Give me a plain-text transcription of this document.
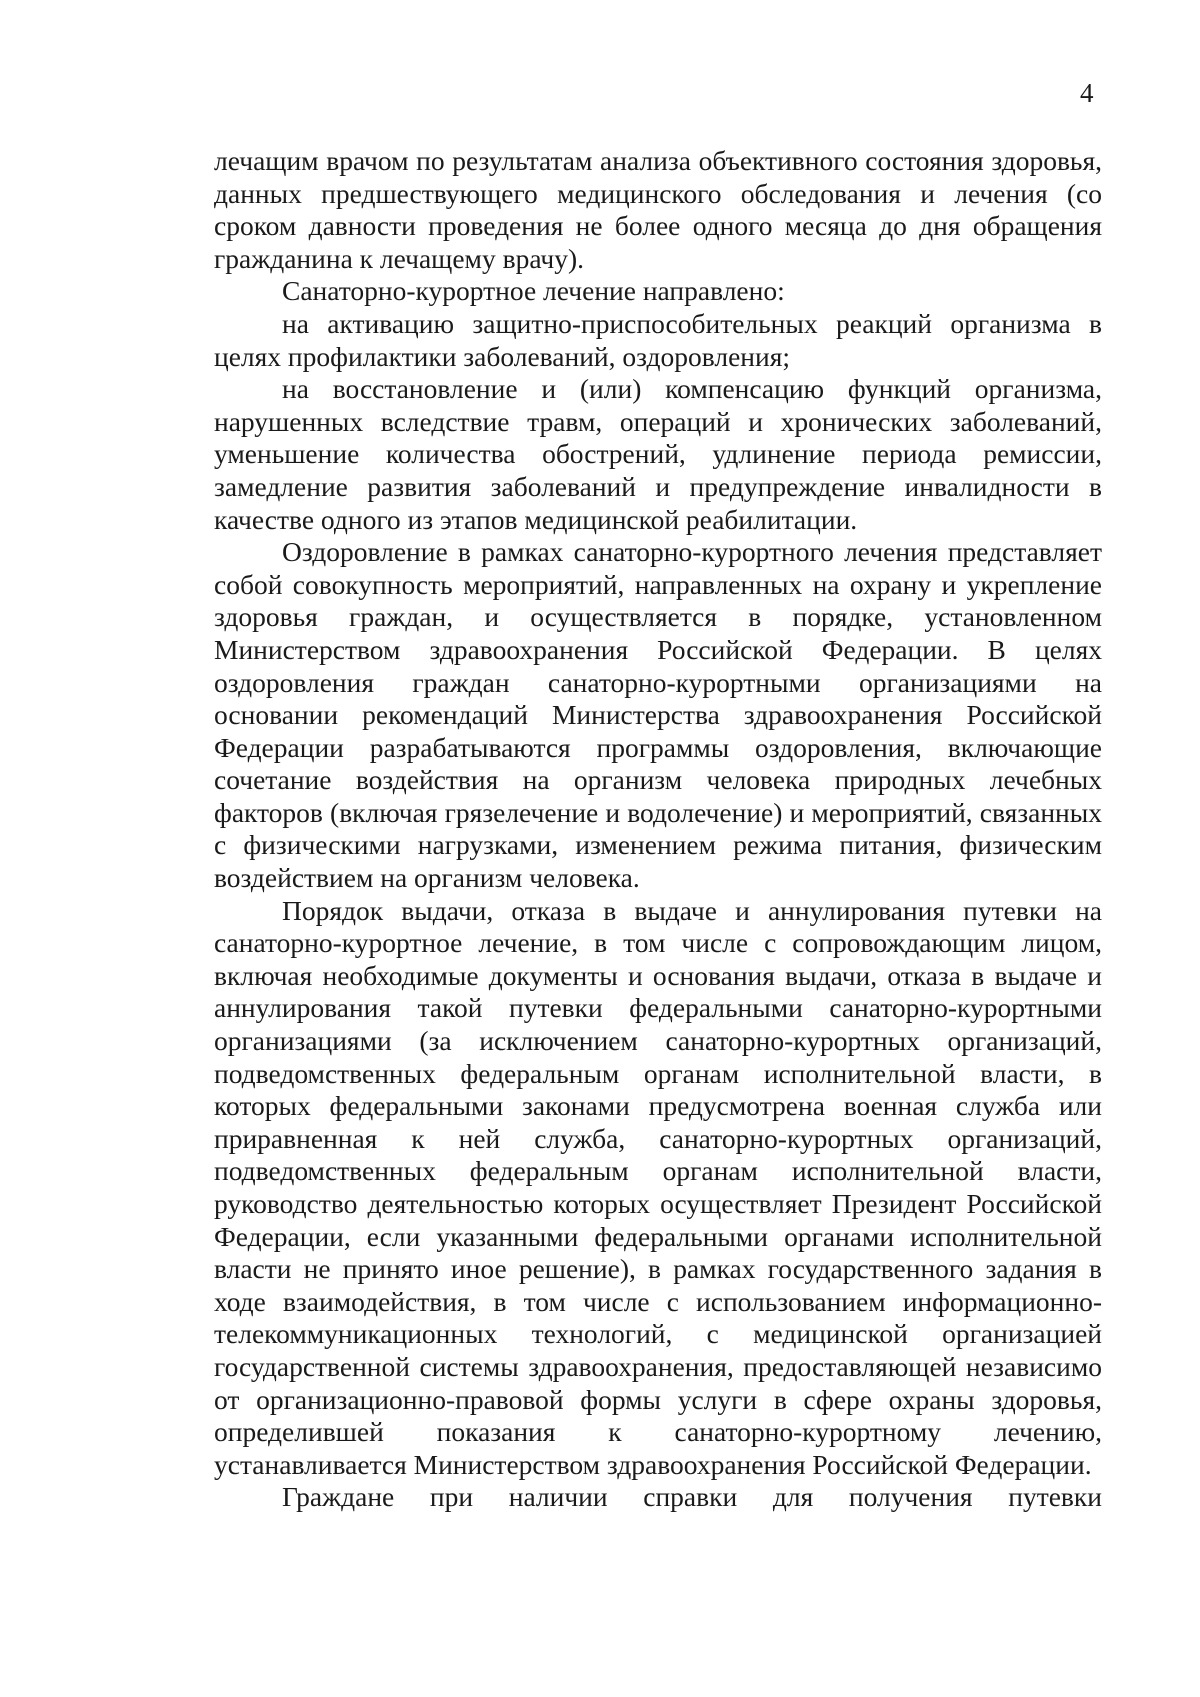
4

лечащим врачом по результатам анализа объективного состояния здоровья, данных предшествующего медицинского обследования и лечения (со сроком давности проведения не более одного месяца до дня обращения гражданина к лечащему врачу).

Санаторно-курортное лечение направлено:

на активацию защитно-приспособительных реакций организма в целях профилактики заболеваний, оздоровления;

на восстановление и (или) компенсацию функций организма, нарушенных вследствие травм, операций и хронических заболеваний, уменьшение количества обострений, удлинение периода ремиссии, замедление развития заболеваний и предупреждение инвалидности в качестве одного из этапов медицинской реабилитации.

Оздоровление в рамках санаторно-курортного лечения представляет собой совокупность мероприятий, направленных на охрану и укрепление здоровья граждан, и осуществляется в порядке, установленном Министерством здравоохранения Российской Федерации. В целях оздоровления граждан санаторно-курортными организациями на основании рекомендаций Министерства здравоохранения Российской Федерации разрабатываются программы оздоровления, включающие сочетание воздействия на организм человека природных лечебных факторов (включая грязелечение и водолечение) и мероприятий, связанных с физическими нагрузками, изменением режима питания, физическим воздействием на организм человека.

Порядок выдачи, отказа в выдаче и аннулирования путевки на санаторно-курортное лечение, в том числе с сопровождающим лицом, включая необходимые документы и основания выдачи, отказа в выдаче и аннулирования такой путевки федеральными санаторно-курортными организациями (за исключением санаторно-курортных организаций, подведомственных федеральным органам исполнительной власти, в которых федеральными законами предусмотрена военная служба или приравненная к ней служба, санаторно-курортных организаций, подведомственных федеральным органам исполнительной власти, руководство деятельностью которых осуществляет Президент Российской Федерации, если указанными федеральными органами исполнительной власти не принято иное решение), в рамках государственного задания в ходе взаимодействия, в том числе с использованием информационно-телекоммуникационных технологий, с медицинской организацией государственной системы здравоохранения, предоставляющей независимо от организационно-правовой формы услуги в сфере охраны здоровья, определившей показания к санаторно-курортному лечению, устанавливается Министерством здравоохранения Российской Федерации.

Граждане при наличии справки для получения путевки
